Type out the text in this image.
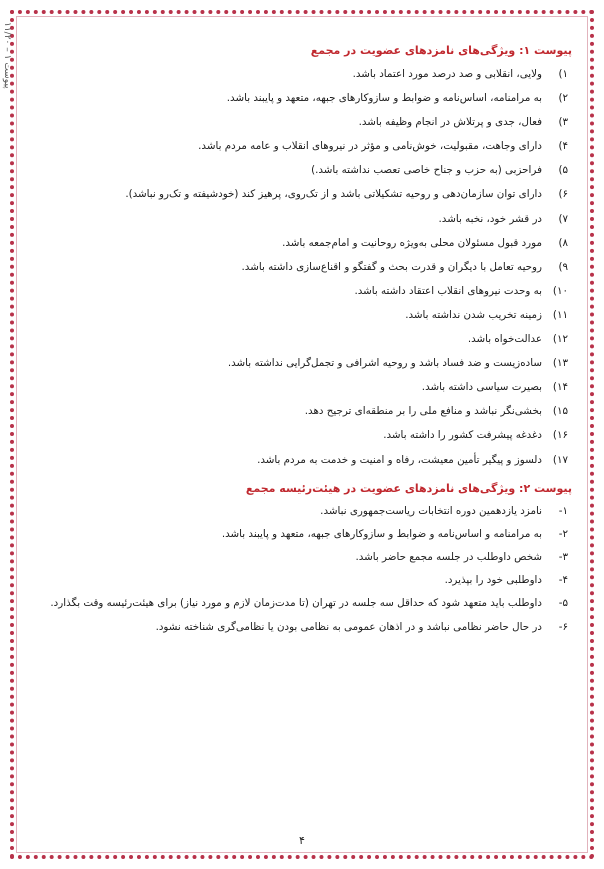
پیوست ۱ – ۱۱/۲۰
پیوست ۱: ویژگی‌های نامزدهای عضویت در مجمع
۱)ولایی، انقلابی و صد درصد مورد اعتماد باشد.
۲)به مرامنامه، اساس‌نامه و ضوابط و سازوکارهای جبهه، متعهد و پایبند باشد.
۳)فعال، جدی و پرتلاش در انجام وظیفه باشد.
۴)دارای وجاهت، مقبولیت، خوش‌نامی و مؤثر در نیروهای انقلاب و عامه مردم باشد.
۵)فراحزبی (به حزب و جناح خاصی تعصب نداشته باشد.)
۶)دارای توان سازمان‌دهی و روحیه تشکیلاتی باشد و از تک‌روی، پرهیز کند (خودشیفته و تک‌رو نباشد).
۷)در قشر خود، نخبه باشد.
۸)مورد قبول مسئولان محلی به‌ویژه روحانیت و امام‌جمعه باشد.
۹)روحیه تعامل با دیگران و قدرت بحث و گفتگو و اقناع‌سازی داشته باشد.
۱۰)به وحدت نیروهای انقلاب اعتقاد داشته باشد.
۱۱)زمینه تخریب شدن نداشته باشد.
۱۲)عدالت‌خواه باشد.
۱۳)ساده‌زیست و ضد فساد باشد و روحیه اشرافی و تجمل‌گرایی نداشته باشد.
۱۴)بصیرت سیاسی داشته باشد.
۱۵)بخشی‌نگر نباشد و منافع ملی را بر منطقه‌ای ترجیح دهد.
۱۶)دغدغه پیشرفت کشور را داشته باشد.
۱۷)دلسوز و پیگیر تأمین معیشت، رفاه و امنیت و خدمت به مردم باشد.
پیوست ۲: ویژگی‌های نامزدهای عضویت در هیئت‌رئیسه مجمع
۱-نامزد یازدهمین دوره انتخابات ریاست‌جمهوری نباشد.
۲-به مرامنامه و اساس‌نامه و ضوابط و سازوکارهای جبهه، متعهد و پایبند باشد.
۳-شخص داوطلب در جلسه مجمع حاضر باشد.
۴-داوطلبی خود را بپذیرد.
۵-داوطلب باید متعهد شود که حداقل سه جلسه در تهران (تا مدت‌زمان لازم و مورد نیاز) برای هیئت‌رئیسه وقت بگذارد.
۶-در حال حاضر نظامی نباشد و در اذهان عمومی به نظامی بودن یا نظامی‌گری شناخته نشود.
۴
